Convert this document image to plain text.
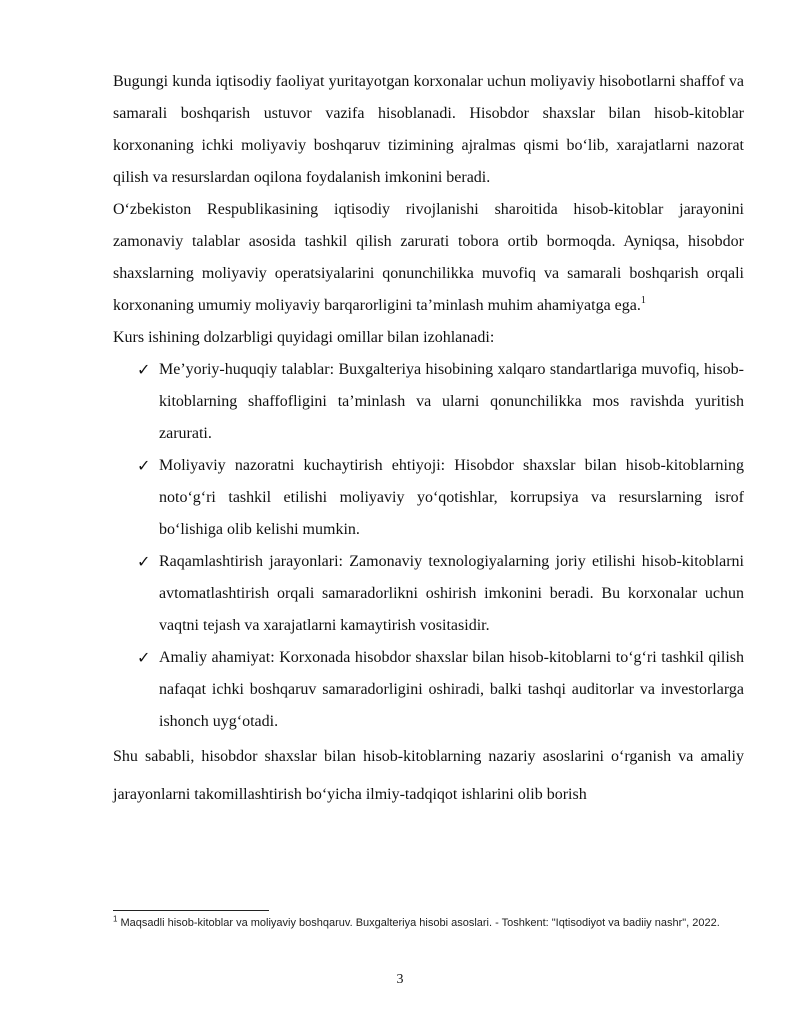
Bugungi kunda iqtisodiy faoliyat yuritayotgan korxonalar uchun moliyaviy hisobotlarni shaffof va samarali boshqarish ustuvor vazifa hisoblanadi. Hisobdor shaxslar bilan hisob-kitoblar korxonaning ichki moliyaviy boshqaruv tizimining ajralmas qismi bo‘lib, xarajatlarni nazorat qilish va resurslardan oqilona foydalanish imkonini beradi.

O‘zbekiston Respublikasining iqtisodiy rivojlanishi sharoitida hisob-kitoblar jarayonini zamonaviy talablar asosida tashkil qilish zarurati tobora ortib bormoqda. Ayniqsa, hisobdor shaxslarning moliyaviy operatsiyalarini qonunchilikka muvofiq va samarali boshqarish orqali korxonaning umumiy moliyaviy barqarorligini ta’minlash muhim ahamiyatga ega.$^1$

Kurs ishining dolzarbligi quyidagi omillar bilan izohlanadi:

✓ Me’yoriy-huquqiy talablar: Buxgalteriya hisobining xalqaro standartlariga muvofiq, hisob-kitoblarning shaffofligini ta’minlash va ularni qonunchilikka mos ravishda yuritish zarurati.
✓ Moliyaviy nazoratni kuchaytirish ehtiyoji: Hisobdor shaxslar bilan hisob-kitoblarning noto‘g‘ri tashkil etilishi moliyaviy yo‘qotishlar, korrupsiya va resurslarning isrof bo‘lishiga olib kelishi mumkin.
✓ Raqamlashtirish jarayonlari: Zamonaviy texnologiyalarning joriy etilishi hisob-kitoblarni avtomatlashtirish orqali samaradorlikni oshirish imkonini beradi. Bu korxonalar uchun vaqtni tejash va xarajatlarni kamaytirish vositasidir.
✓ Amaliy ahamiyat: Korxonada hisobdor shaxslar bilan hisob-kitoblarni to‘g‘ri tashkil qilish nafaqat ichki boshqaruv samaradorligini oshiradi, balki tashqi auditorlar va investorlarga ishonch uyg‘otadi.

Shu sababli, hisobdor shaxslar bilan hisob-kitoblarning nazariy asoslarini o‘rganish va amaliy jarayonlarni takomillashtirish bo‘yicha ilmiy-tadqiqot ishlarini olib borish

$^1$ Maqsadli hisob-kitoblar va moliyaviy boshqaruv. Buxgalteriya hisobi asoslari. - Toshkent: "Iqtisodiyot va badiiy nashr", 2022.

3
